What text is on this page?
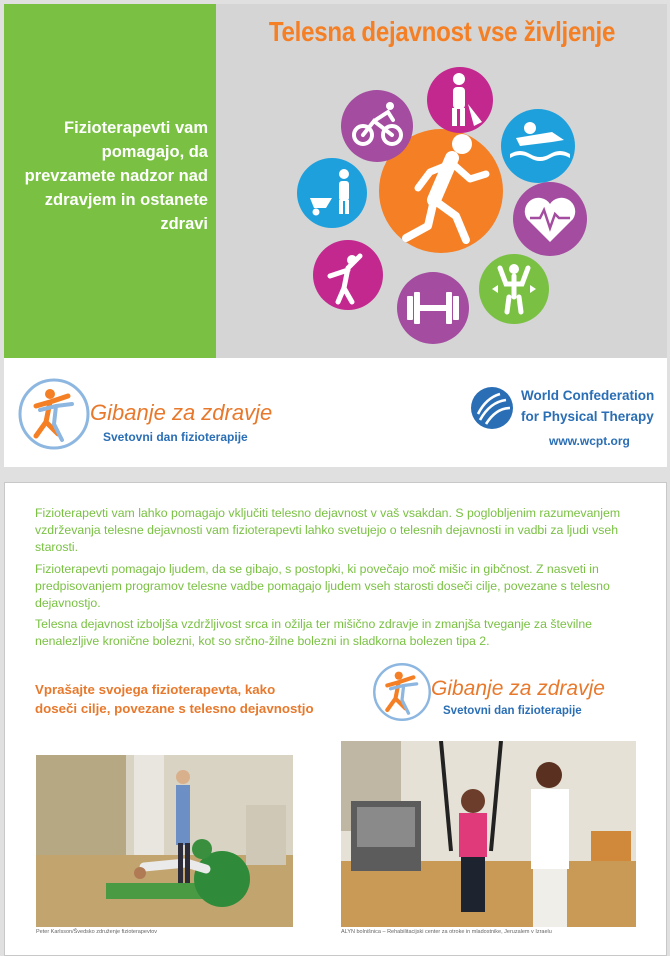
Fizioterapevti vam pomagajo, da prevzamete nadzor nad zdravjem in ostanete zdravi
Telesna dejavnost vse življenje
Gibanje za zdravje
Svetovni dan fizioterapije
World Confederation
for Physical Therapy
www.wcpt.org

Fizioterapevti vam lahko pomagajo vključiti telesno dejavnost v vaš vsakdan. S poglobljenim razumevanjem vzdrževanja telesne dejavnosti vam fizioterapevti lahko svetujejo o telesnih dejavnosti in vadbi za ljudi vseh starosti.

Fizioterapevti pomagajo ljudem, da se gibajo, s postopki, ki povečajo moč mišic in gibčnost. Z nasveti in predpisovanjem programov telesne vadbe pomagajo ljudem vseh starosti doseči cilje, povezane s telesno dejavnostjo.

Telesna dejavnost izboljša vzdržljivost srca in ožilja ter mišično zdravje in zmanjša tveganje za številne nenalezljive kronične bolezni, kot so srčno-žilne bolezni in sladkorna bolezen tipa 2.

Vprašajte svojega fizioterapevta, kako doseči cilje, povezane s telesno dejavnostjo

Gibanje za zdravje
Svetovni dan fizioterapije
Peter Karlsson/Švedsko združenje fizioterapevtov	ALYN bolnišnica – Rehabilitacijski center za otroke in mladostnike, Jeruzalem v Izraelu
